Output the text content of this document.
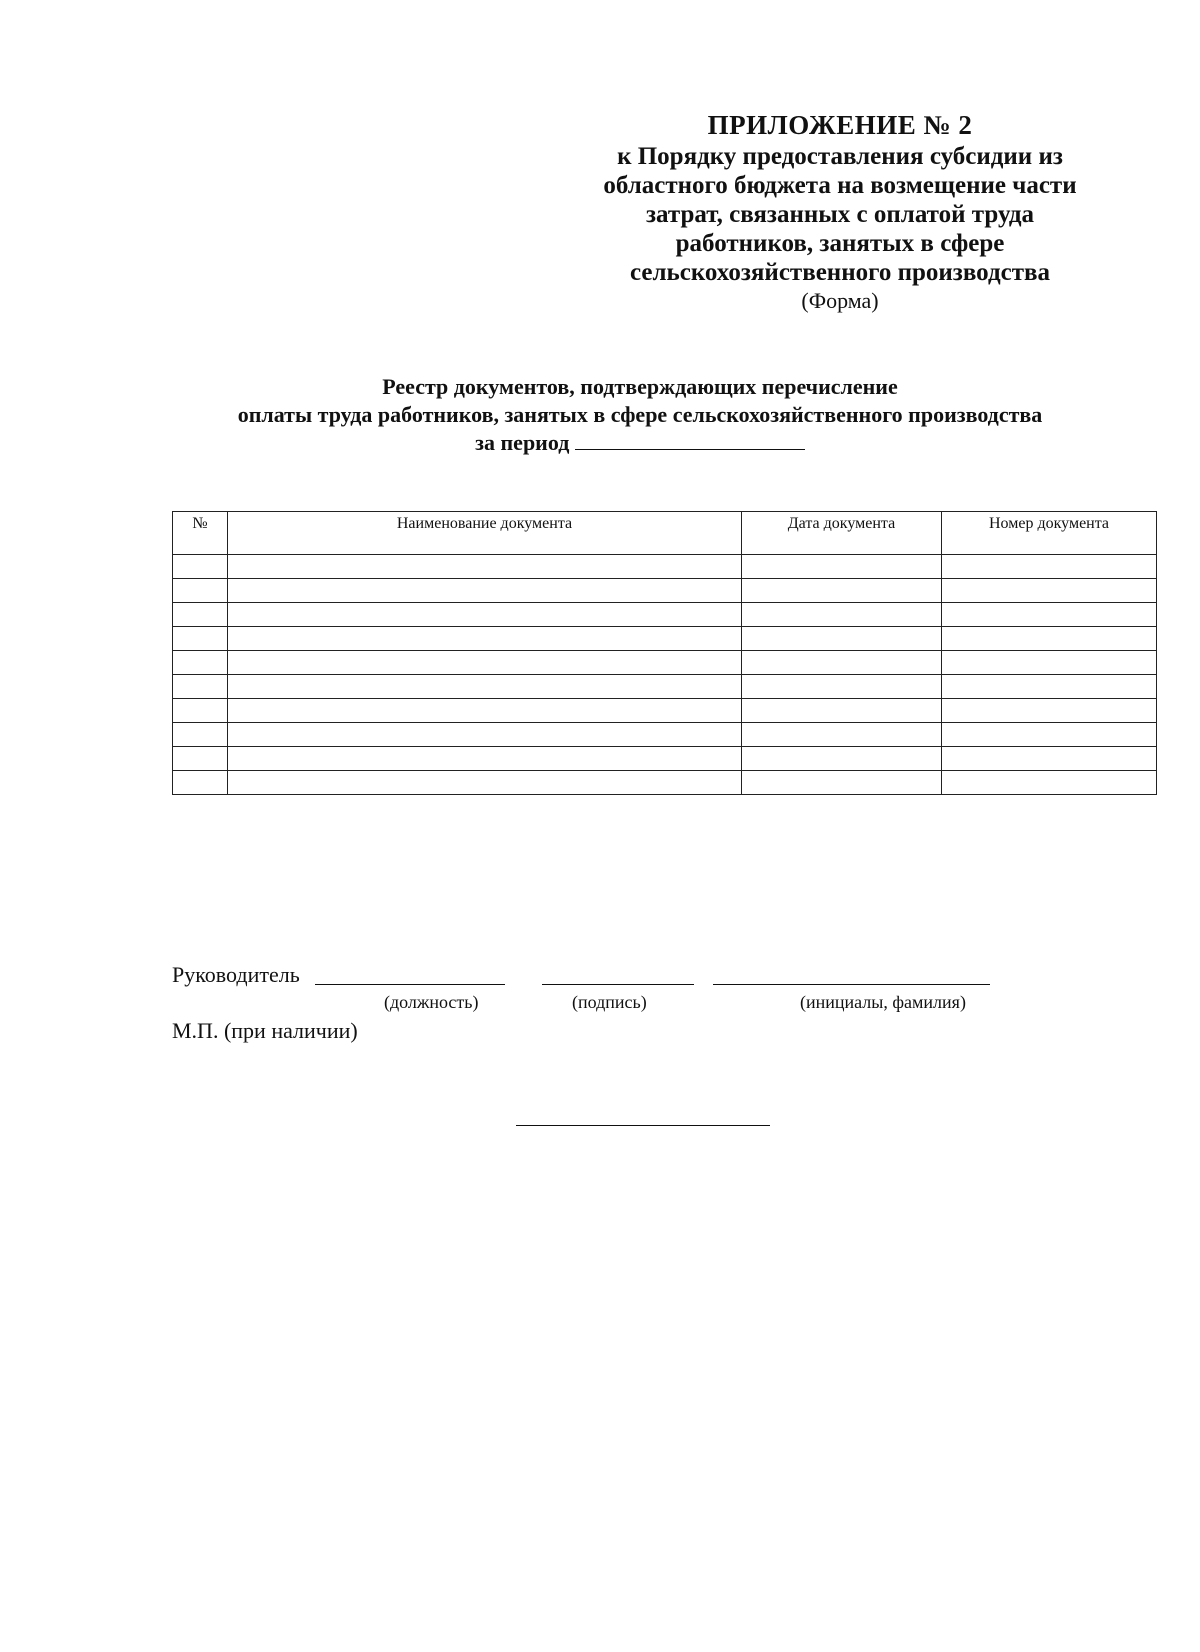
ПРИЛОЖЕНИЕ № 2
к Порядку предоставления субсидии из
областного бюджета на возмещение части
затрат, связанных с оплатой труда
работников, занятых в сфере
сельскохозяйственного производства
(Форма)
Реестр документов, подтверждающих перечисление
оплаты труда работников, занятых в сфере сельскохозяйственного производства
за период
№	Наименование документа	Дата документа	Номер документа

Руководитель
(должность)	(подпись)	(инициалы, фамилия)
М.П. (при наличии)
